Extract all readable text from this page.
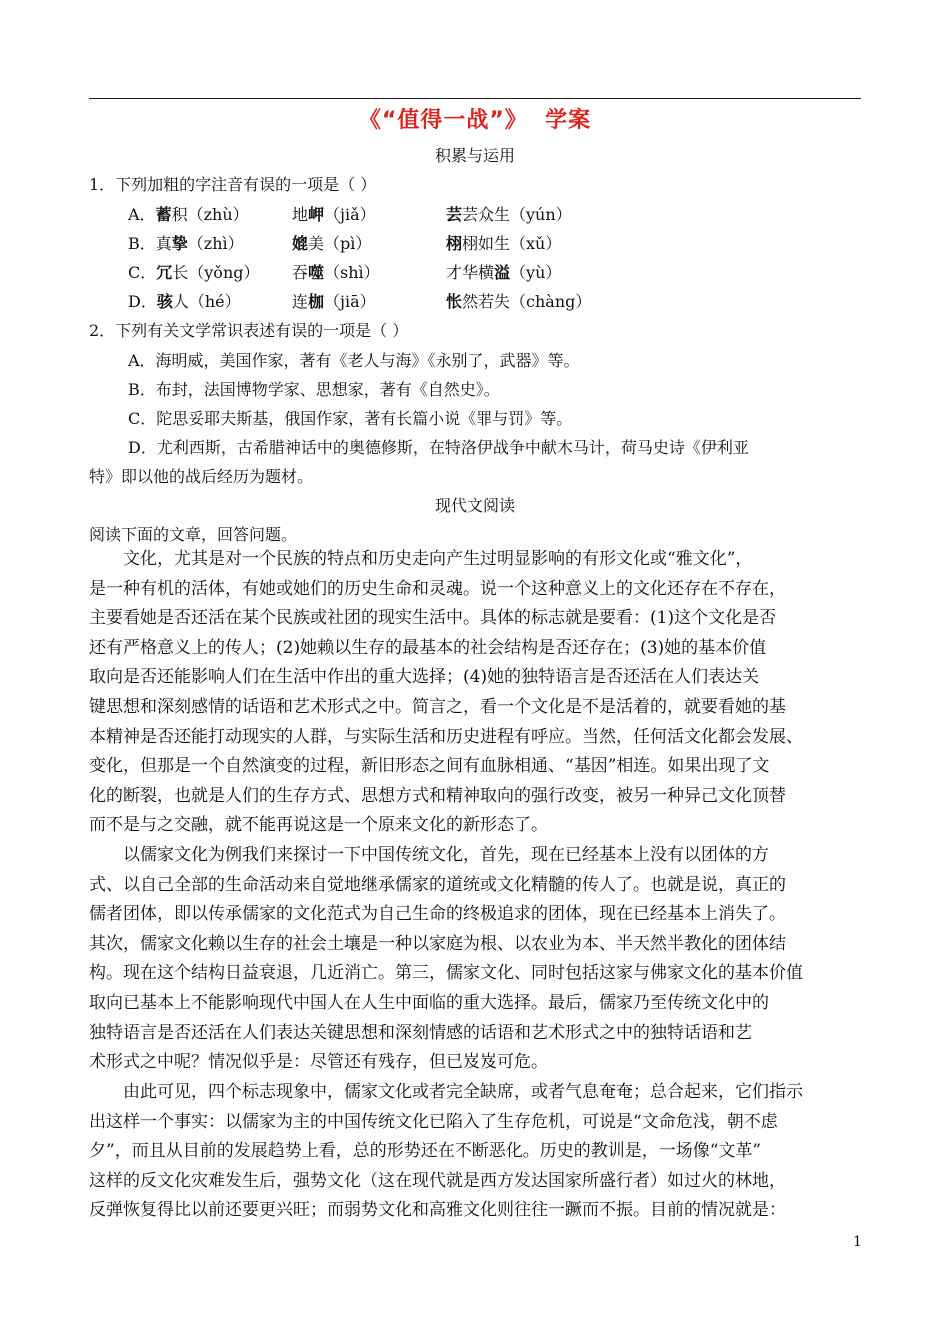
《“值得一战”》  学案
积累与运用
1．下列加粗的字注音有误的一项是（ ）
A．蓄积（zhù）	地岬（jiǎ）	芸芸众生（yún）
B．真挚（zhì）	媲美（pì）	栩栩如生（xǔ）
C．冗长（yǒng） 吞噬（shì）	才华横溢（yù）
D．骇人（hé）	连枷（jiā）	怅然若失（chàng）
2．下列有关文学常识表述有误的一项是（ ）
A．海明威，美国作家，著有《老人与海》《永别了，武器》等。
B．布封，法国博物学家、思想家，著有《自然史》。
C．陀思妥耶夫斯基，俄国作家，著有长篇小说《罪与罚》等。
D．尤利西斯，古希腊神话中的奥德修斯，在特洛伊战争中献木马计，荷马史诗《伊利亚
特》即以他的战后经历为题材。
现代文阅读
阅读下面的文章，回答问题。
　　文化，尤其是对一个民族的特点和历史走向产生过明显影响的有形文化或“雅文化”，
是一种有机的活体，有她或她们的历史生命和灵魂。说一个这种意义上的文化还存在不存在，
主要看她是否还活在某个民族或社团的现实生活中。具体的标志就是要看：(1)这个文化是否
还有严格意义上的传人；(2)她赖以生存的最基本的社会结构是否还存在；(3)她的基本价值
取向是否还能影响人们在生活中作出的重大选择；(4)她的独特语言是否还活在人们表达关
键思想和深刻感情的话语和艺术形式之中。简言之，看一个文化是不是活着的，就要看她的基
本精神是否还能打动现实的人群，与实际生活和历史进程有呼应。当然，任何活文化都会发展、
变化，但那是一个自然演变的过程，新旧形态之间有血脉相通、“基因”相连。如果出现了文
化的断裂，也就是人们的生存方式、思想方式和精神取向的强行改变，被另一种异己文化顶替
而不是与之交融，就不能再说这是一个原来文化的新形态了。
　　以儒家文化为例我们来探讨一下中国传统文化，首先，现在已经基本上没有以团体的方
式、以自己全部的生命活动来自觉地继承儒家的道统或文化精髓的传人了。也就是说，真正的
儒者团体，即以传承儒家的文化范式为自己生命的终极追求的团体，现在已经基本上消失了。
其次，儒家文化赖以生存的社会土壤是一种以家庭为根、以农业为本、半天然半教化的团体结
构。现在这个结构日益衰退，几近消亡。第三，儒家文化、同时包括这家与佛家文化的基本价值
取向已基本上不能影响现代中国人在人生中面临的重大选择。最后，儒家乃至传统文化中的
独特语言是否还活在人们表达关键思想和深刻情感的话语和艺术形式之中的独特话语和艺
术形式之中呢？情况似乎是：尽管还有残存，但已岌岌可危。
　　由此可见，四个标志现象中，儒家文化或者完全缺席，或者气息奄奄；总合起来，它们指示
出这样一个事实：以儒家为主的中国传统文化已陷入了生存危机，可说是“文命危浅，朝不虑
夕”，而且从目前的发展趋势上看，总的形势还在不断恶化。历史的教训是，一场像“文革”
这样的反文化灾难发生后，强势文化（这在现代就是西方发达国家所盛行者）如过火的林地，
反弹恢复得比以前还要更兴旺；而弱势文化和高雅文化则往往一蹶而不振。目前的情况就是：
1
